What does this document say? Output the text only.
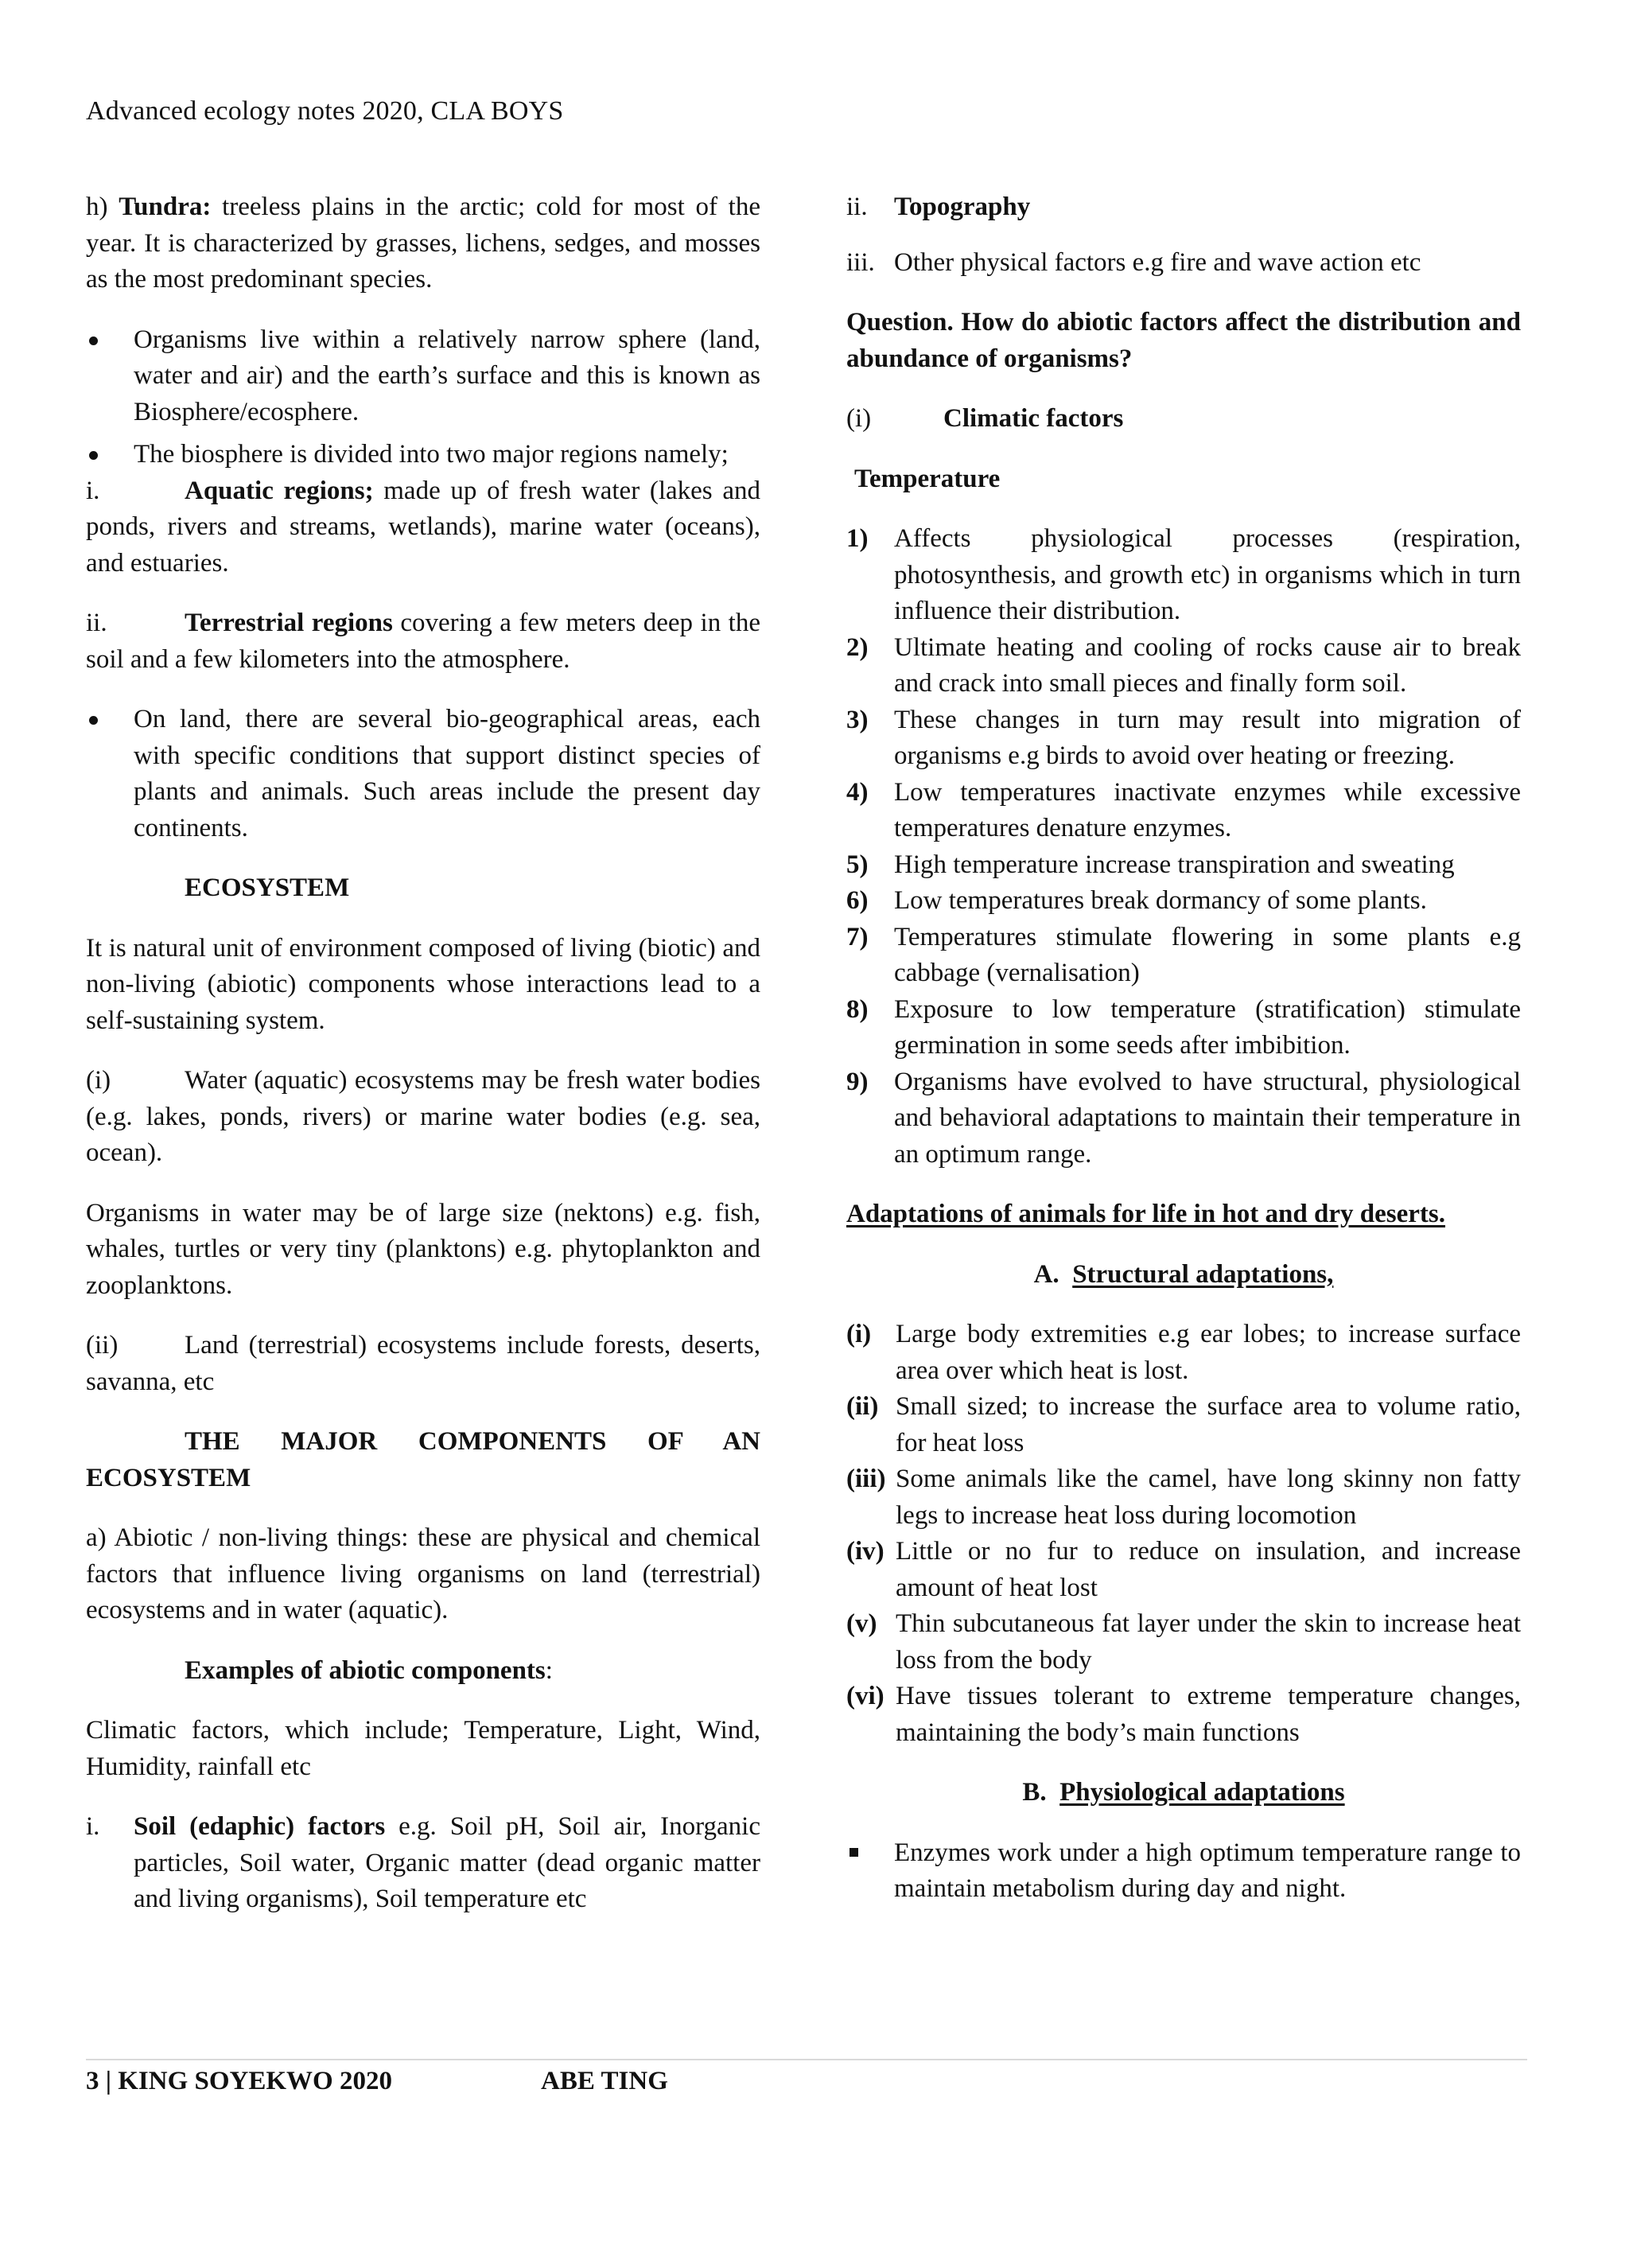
Advanced ecology notes 2020, CLA BOYS

h) Tundra: treeless plains in the arctic; cold for most of the year. It is characterized by grasses, lichens, sedges, and mosses as the most predominant species.

Organisms live within a relatively narrow sphere (land, water and air) and the earth’s surface and this is known as Biosphere/ecosphere.
The biosphere is divided into two major regions namely;

i.	Aquatic regions; made up of fresh water (lakes and ponds, rivers and streams, wetlands), marine water (oceans), and estuaries.

ii.	Terrestrial regions covering a few meters deep in the soil and a few kilometers into the atmosphere.

On land, there are several bio-geographical areas, each with specific conditions that support distinct species of plants and animals. Such areas include the present day continents.

ECOSYSTEM

It is natural unit of environment composed of living (biotic) and non-living (abiotic) components whose interactions lead to a self-sustaining system.

(i)	Water (aquatic) ecosystems may be fresh water bodies (e.g. lakes, ponds, rivers) or marine water bodies (e.g. sea, ocean).

Organisms in water may be of large size (nektons) e.g. fish, whales, turtles or very tiny (planktons) e.g. phytoplankton and zooplanktons.

(ii)	Land (terrestrial) ecosystems include forests, deserts, savanna, etc

THE MAJOR COMPONENTS OF AN
ECOSYSTEM

a) Abiotic / non-living things: these are physical and chemical factors that influence living organisms on land (terrestrial) ecosystems and in water (aquatic).

Examples of abiotic components:

Climatic factors, which include; Temperature, Light, Wind, Humidity, rainfall etc

i.	Soil (edaphic) factors e.g. Soil pH, Soil air, Inorganic particles, Soil water, Organic matter (dead organic matter and living organisms), Soil temperature etc

ii.	Topography
iii. Other physical factors e.g fire and wave action etc

Question. How do abiotic factors affect the distribution and abundance of organisms?

(i)	Climatic factors

Temperature

1) Affects physiological processes (respiration, photosynthesis, and growth etc) in organisms which in turn influence their distribution.
2) Ultimate heating and cooling of rocks cause air to break and crack into small pieces and finally form soil.
3) These changes in turn may result into migration of organisms e.g birds to avoid over heating or freezing.
4) Low temperatures inactivate enzymes while excessive temperatures denature enzymes.
5) High temperature increase transpiration and sweating
6) Low temperatures break dormancy of some plants.
7) Temperatures stimulate flowering in some plants e.g cabbage (vernalisation)
8) Exposure to low temperature (stratification) stimulate germination in some seeds after imbibition.
9) Organisms have evolved to have structural, physiological and behavioral adaptations to maintain their temperature in an optimum range.

Adaptations of animals for life in hot and dry deserts.

A. Structural adaptations,

(i) Large body extremities e.g ear lobes; to increase surface area over which heat is lost.
(ii) Small sized; to increase the surface area to volume ratio, for heat loss
(iii) Some animals like the camel, have long skinny non fatty legs to increase heat loss during locomotion
(iv) Little or no fur to reduce on insulation, and increase amount of heat lost
(v) Thin subcutaneous fat layer under the skin to increase heat loss from the body
(vi) Have tissues tolerant to extreme temperature changes, maintaining the body’s main functions

B. Physiological adaptations

Enzymes work under a high optimum temperature range to maintain metabolism during day and night.
3 | KING SOYEKWO 2020	ABE TING
